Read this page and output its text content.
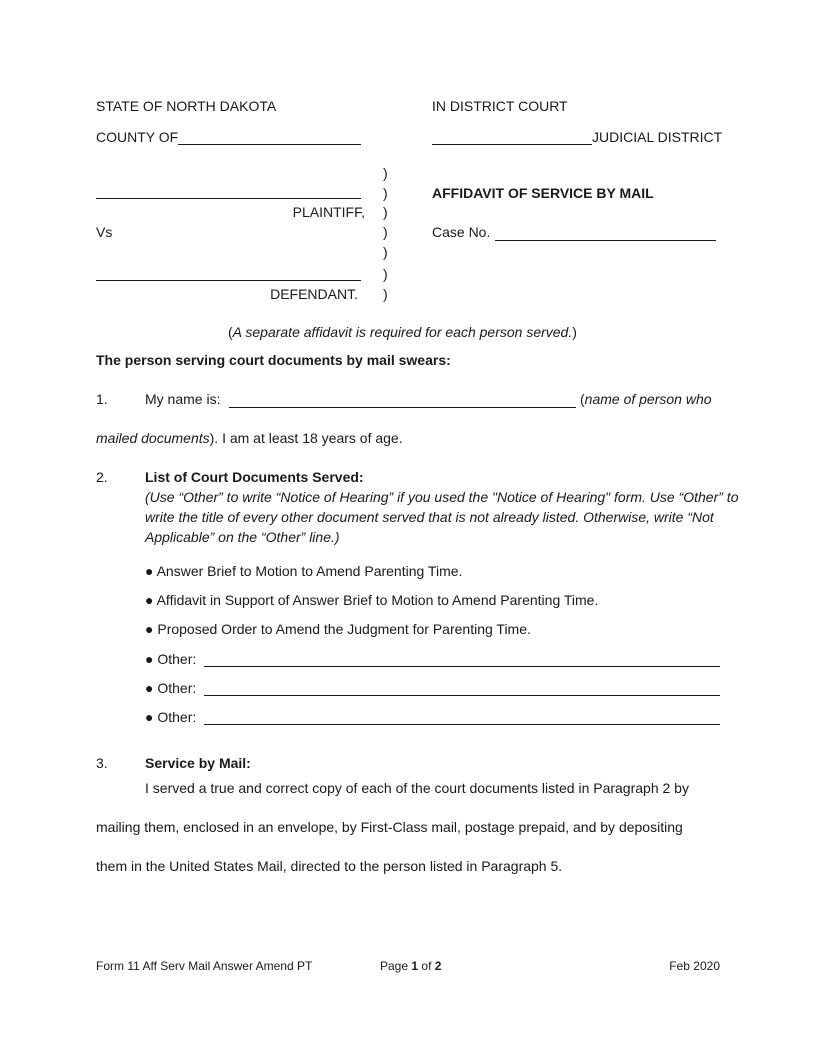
STATE OF NORTH DAKOTA	IN DISTRICT COURT
COUNTY OF	JUDICIAL DISTRICT
)
)
)
)
)
)
)
PLAINTIFF,
Vs
DEFENDANT.
AFFIDAVIT OF SERVICE BY MAIL
Case No.
(A separate affidavit is required for each person served.)
The person serving court documents by mail swears:
1.	My name is:	(name of person who
mailed documents). I am at least 18 years of age.
2.	List of Court Documents Served:
(Use “Other” to write “Notice of Hearing” if you used the "Notice of Hearing" form. Use “Other” to write the title of every other document served that is not already listed. Otherwise, write “Not Applicable” on the “Other” line.)
● Answer Brief to Motion to Amend Parenting Time.
● Affidavit in Support of Answer Brief to Motion to Amend Parenting Time.
● Proposed Order to Amend the Judgment for Parenting Time.
● Other:
● Other:
● Other:
3.	Service by Mail:
I served a true and correct copy of each of the court documents listed in Paragraph 2 by
mailing them, enclosed in an envelope, by First-Class mail, postage prepaid, and by depositing
them in the United States Mail, directed to the person listed in Paragraph 5.
Form 11 Aff Serv Mail Answer Amend PT	Page 1 of 2	Feb 2020
